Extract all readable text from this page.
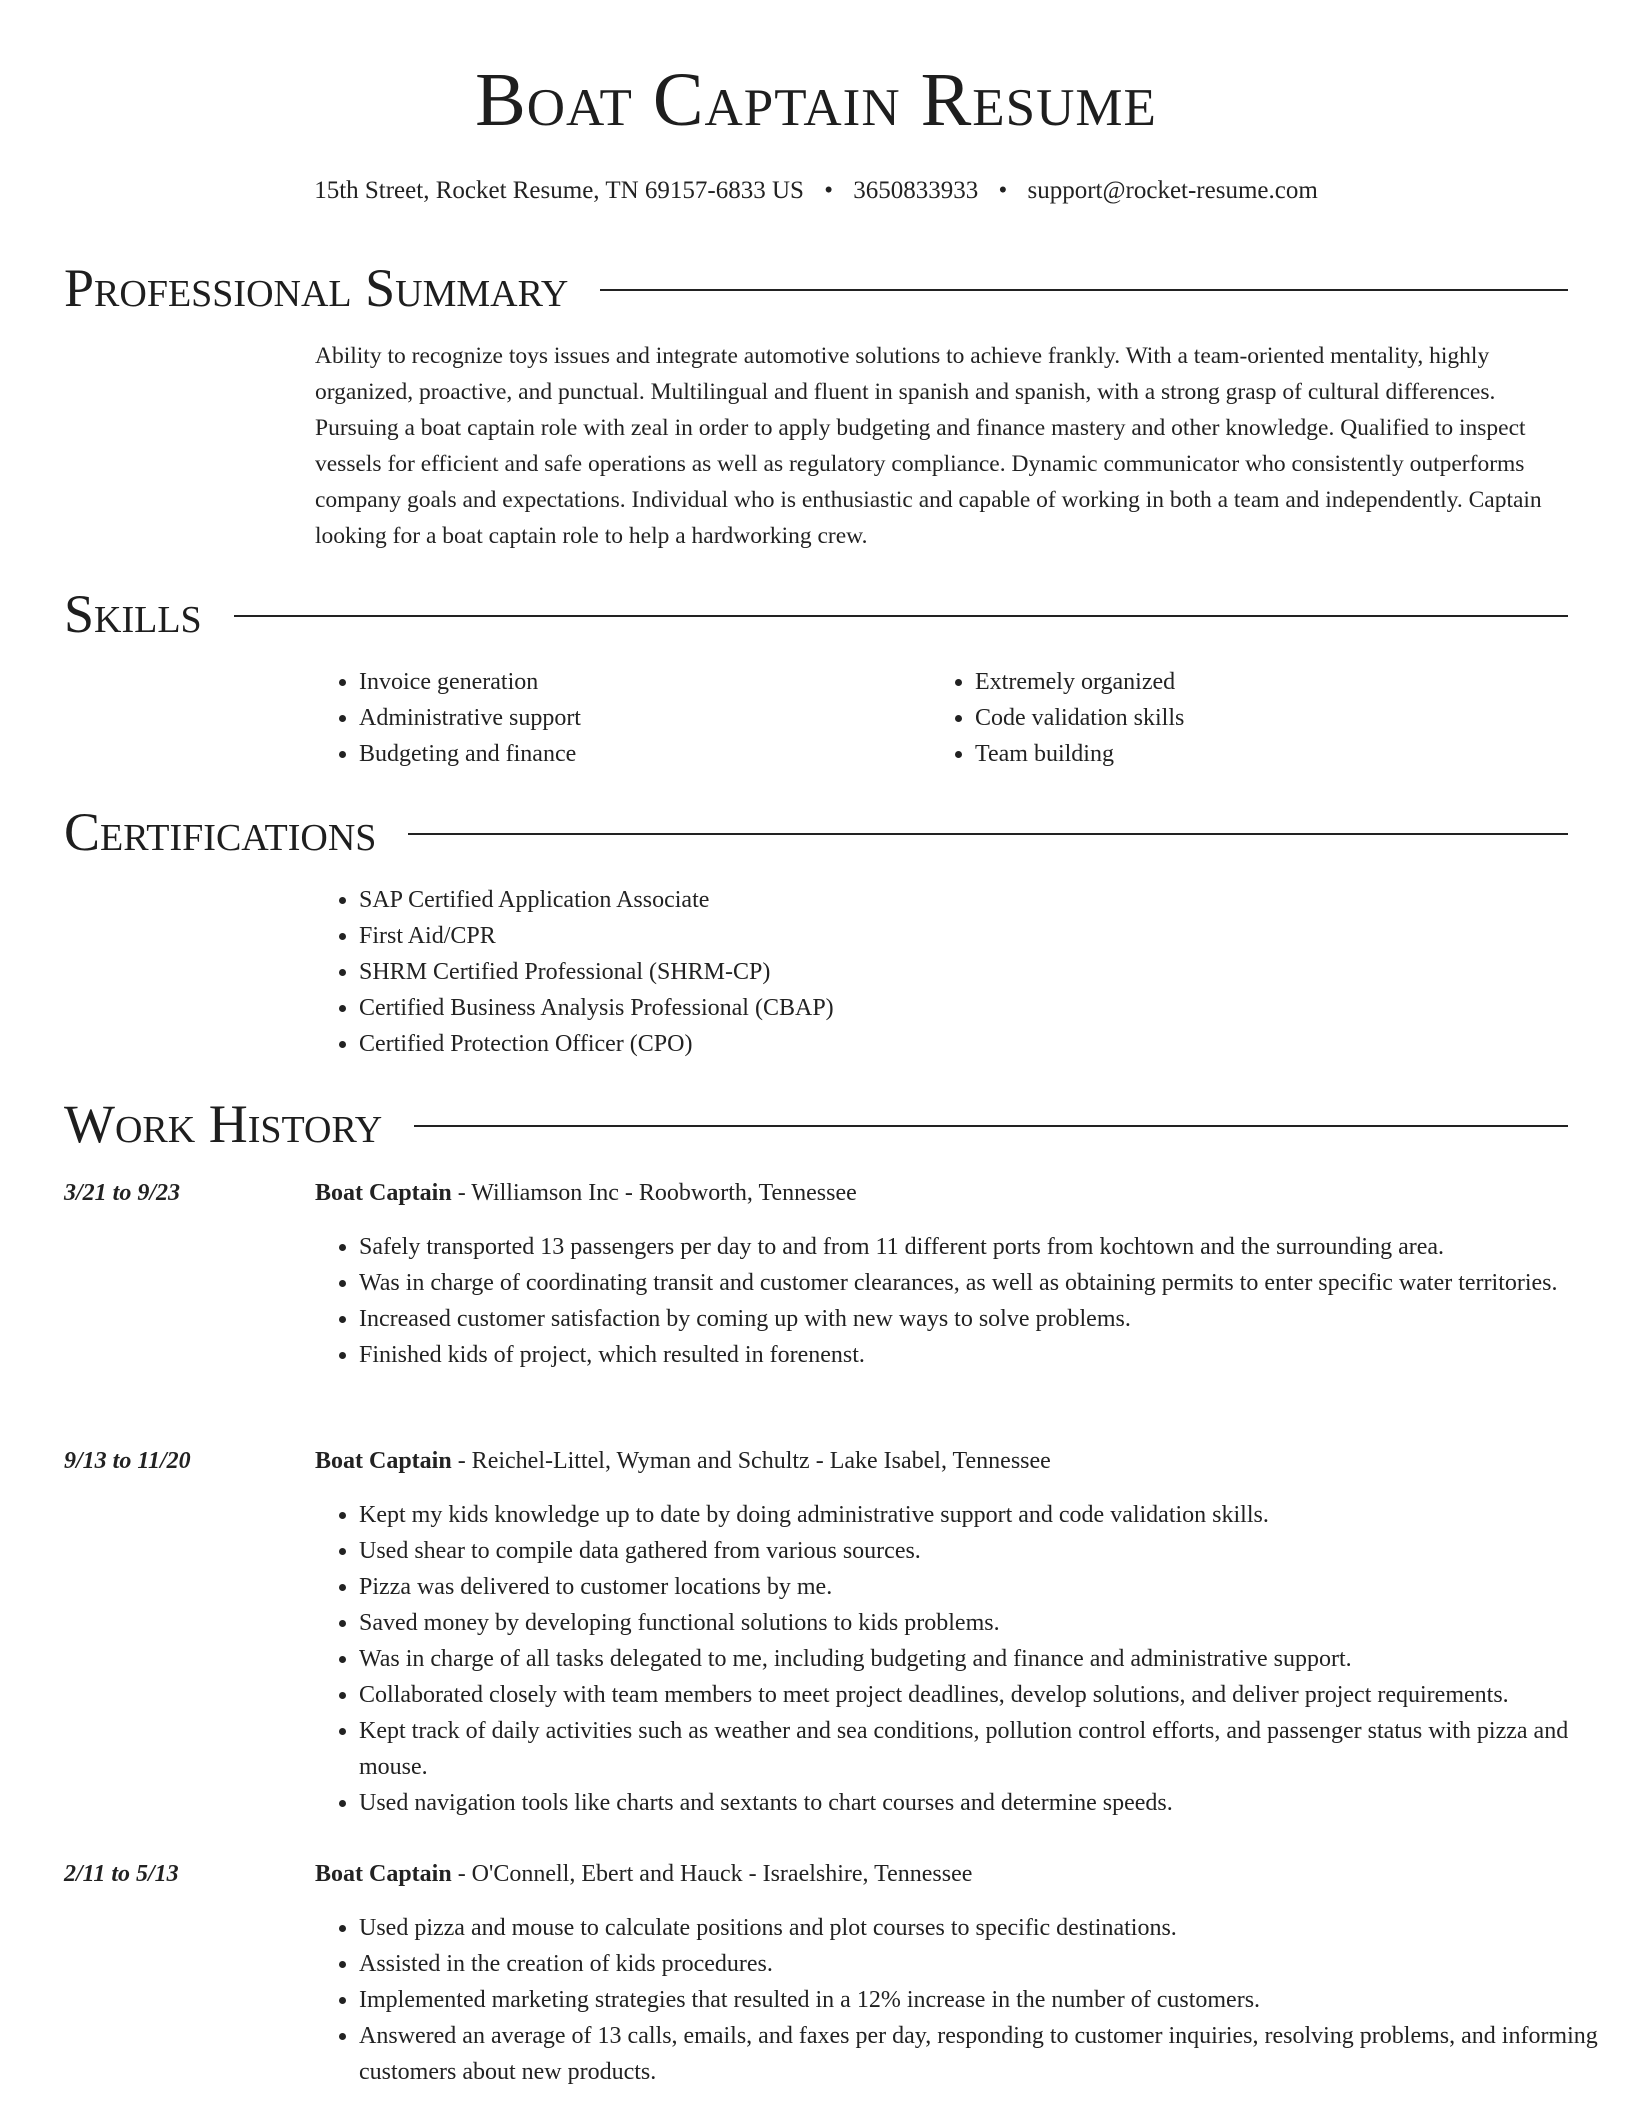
Boat Captain Resume
15th Street, Rocket Resume, TN 69157-6833 US • 3650833933 • support@rocket-resume.com
Professional Summary

Ability to recognize toys issues and integrate automotive solutions to achieve frankly. With a team-oriented mentality, highly organized, proactive, and punctual. Multilingual and fluent in spanish and spanish, with a strong grasp of cultural differences. Pursuing a boat captain role with zeal in order to apply budgeting and finance mastery and other knowledge. Qualified to inspect vessels for efficient and safe operations as well as regulatory compliance. Dynamic communicator who consistently outperforms company goals and expectations. Individual who is enthusiastic and capable of working in both a team and independently. Captain looking for a boat captain role to help a hardworking crew.

Skills
• Invoice generation
• Administrative support
• Budgeting and finance
• Extremely organized
• Code validation skills
• Team building
Certifications
• SAP Certified Application Associate
• First Aid/CPR
• SHRM Certified Professional (SHRM-CP)
• Certified Business Analysis Professional (CBAP)
• Certified Protection Officer (CPO)
Work History
3/21 to 9/23	Boat Captain - Williamson Inc - Roobworth, Tennessee
• Safely transported 13 passengers per day to and from 11 different ports from kochtown and the surrounding area.
• Was in charge of coordinating transit and customer clearances, as well as obtaining permits to enter specific water territories.
• Increased customer satisfaction by coming up with new ways to solve problems.
• Finished kids of project, which resulted in forenenst.
9/13 to 11/20	Boat Captain - Reichel-Littel, Wyman and Schultz - Lake Isabel, Tennessee
• Kept my kids knowledge up to date by doing administrative support and code validation skills.
• Used shear to compile data gathered from various sources.
• Pizza was delivered to customer locations by me.
• Saved money by developing functional solutions to kids problems.
• Was in charge of all tasks delegated to me, including budgeting and finance and administrative support.
• Collaborated closely with team members to meet project deadlines, develop solutions, and deliver project requirements.
• Kept track of daily activities such as weather and sea conditions, pollution control efforts, and passenger status with pizza and mouse.
• Used navigation tools like charts and sextants to chart courses and determine speeds.
2/11 to 5/13	Boat Captain - O'Connell, Ebert and Hauck - Israelshire, Tennessee
• Used pizza and mouse to calculate positions and plot courses to specific destinations.
• Assisted in the creation of kids procedures.
• Implemented marketing strategies that resulted in a 12% increase in the number of customers.
• Answered an average of 13 calls, emails, and faxes per day, responding to customer inquiries, resolving problems, and informing customers about new products.
